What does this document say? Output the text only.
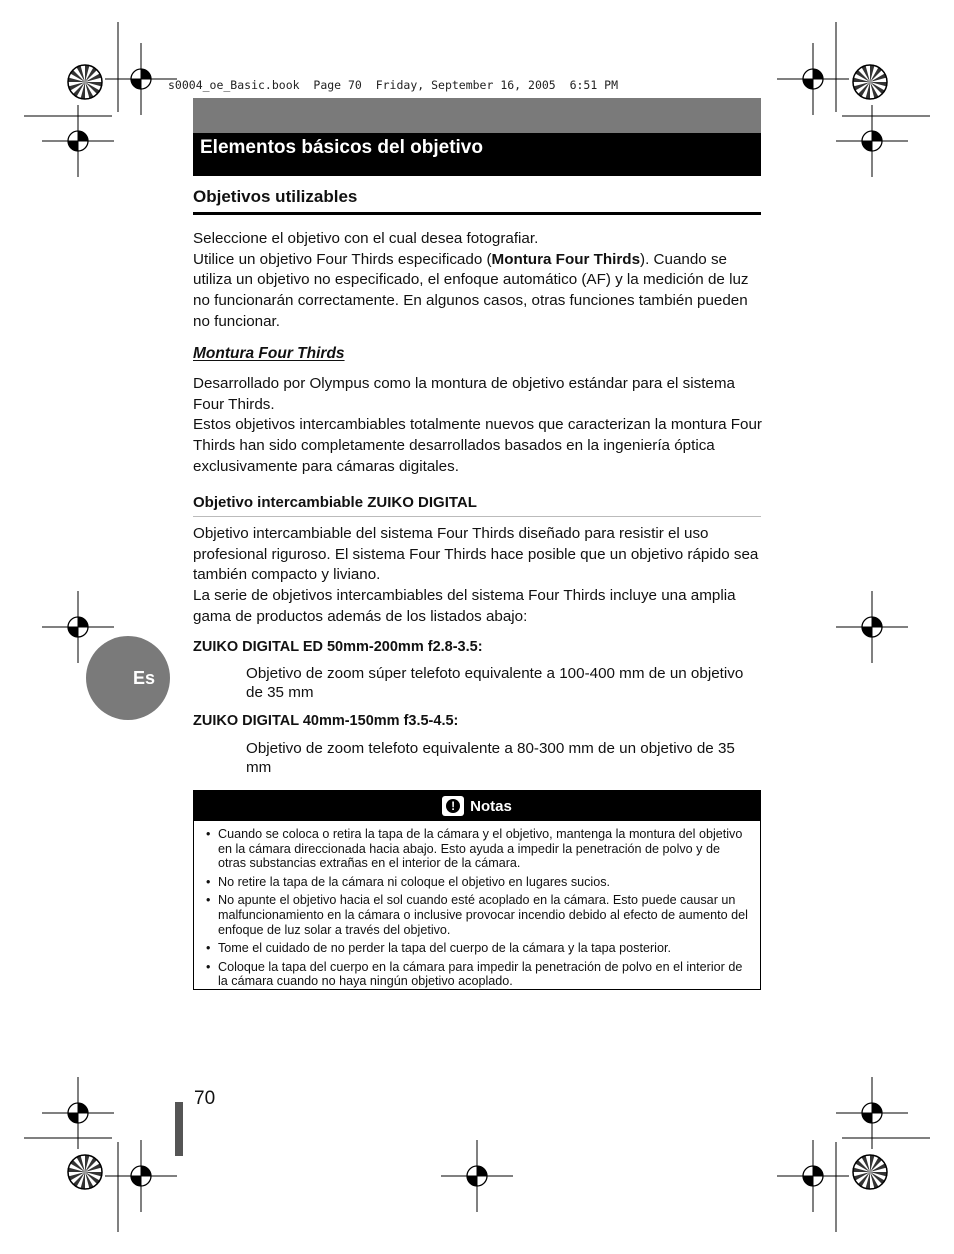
s0004_oe_Basic.book  Page 70  Friday, September 16, 2005  6:51 PM
Elementos básicos del objetivo
Objetivos utilizables

Seleccione el objetivo con el cual desea fotografiar.

Utilice un objetivo Four Thirds especificado (Montura Four Thirds). Cuando se utiliza un objetivo no especificado, el enfoque automático (AF) y la medición de luz no funcionarán correctamente. En algunos casos, otras funciones también pueden no funcionar.

Montura Four Thirds

Desarrollado por Olympus como la montura de objetivo estándar para el sistema Four Thirds.

Estos objetivos intercambiables totalmente nuevos que caracterizan la montura Four Thirds han sido completamente desarrollados basados en la ingeniería óptica exclusivamente para cámaras digitales.

Objetivo intercambiable ZUIKO DIGITAL

Objetivo intercambiable del sistema Four Thirds diseñado para resistir el uso profesional riguroso. El sistema Four Thirds hace posible que un objetivo rápido sea también compacto y liviano.

La serie de objetivos intercambiables del sistema Four Thirds incluye una amplia gama de productos además de los listados abajo:

ZUIKO DIGITAL ED 50mm-200mm f2.8-3.5:
Objetivo de zoom súper telefoto equivalente a 100-400 mm de un objetivo de 35 mm
ZUIKO DIGITAL 40mm-150mm f3.5-4.5:
Objetivo de zoom telefoto equivalente a 80-300 mm de un objetivo de 35 mm
Es
!	Notas
• Cuando se coloca o retira la tapa de la cámara y el objetivo, mantenga la montura del objetivo en la cámara direccionada hacia abajo. Esto ayuda a impedir la penetración de polvo y de otras substancias extrañas en el interior de la cámara.
• No retire la tapa de la cámara ni coloque el objetivo en lugares sucios.
• No apunte el objetivo hacia el sol cuando esté acoplado en la cámara. Esto puede causar un malfuncionamiento en la cámara o inclusive provocar incendio debido al efecto de aumento del enfoque de luz solar a través del objetivo.
• Tome el cuidado de no perder la tapa del cuerpo de la cámara y la tapa posterior.
• Coloque la tapa del cuerpo en la cámara para impedir la penetración de polvo en el interior de la cámara cuando no haya ningún objetivo acoplado.
70
